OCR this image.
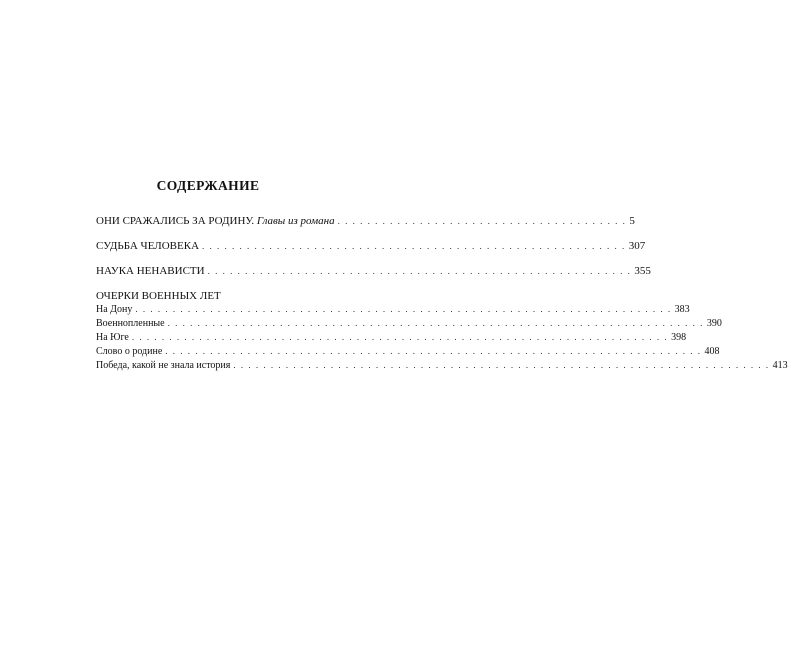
СОДЕРЖАНИЕ
ОНИ СРАЖАЛИСЬ ЗА РОДИНУ. Главы из романа . . . . . . . . . . . . . . . . . . . . . . . . . . . . . . . . . . . . . . . 5
СУДЬБА ЧЕЛОВЕКА . . . . . . . . . . . . . . . . . . . . . . . . . . . . . . . . . . . . . . . . . . . . . . . . . . . . . . . . . 307
НАУКА НЕНАВИСТИ . . . . . . . . . . . . . . . . . . . . . . . . . . . . . . . . . . . . . . . . . . . . . . . . . . . . . . . . . 355
ОЧЕРКИ ВОЕННЫХ ЛЕТ
На Дону . . . . . . . . . . . . . . . . . . . . . . . . . . . . . . . . . . . . . . . . . . . . . . . . . . . . . . . . . . . . . . . . . . . . . . . . 383
Военнопленные . . . . . . . . . . . . . . . . . . . . . . . . . . . . . . . . . . . . . . . . . . . . . . . . . . . . . . . . . . . . . . . . . . . . . . . . 390
На Юге . . . . . . . . . . . . . . . . . . . . . . . . . . . . . . . . . . . . . . . . . . . . . . . . . . . . . . . . . . . . . . . . . . . . . . . . 398
Слово о родине . . . . . . . . . . . . . . . . . . . . . . . . . . . . . . . . . . . . . . . . . . . . . . . . . . . . . . . . . . . . . . . . . . . . . . . . 408
Победа, какой не знала история . . . . . . . . . . . . . . . . . . . . . . . . . . . . . . . . . . . . . . . . . . . . . . . . . . . . . . . . . . . . . . . . . . . . . . . . 413
